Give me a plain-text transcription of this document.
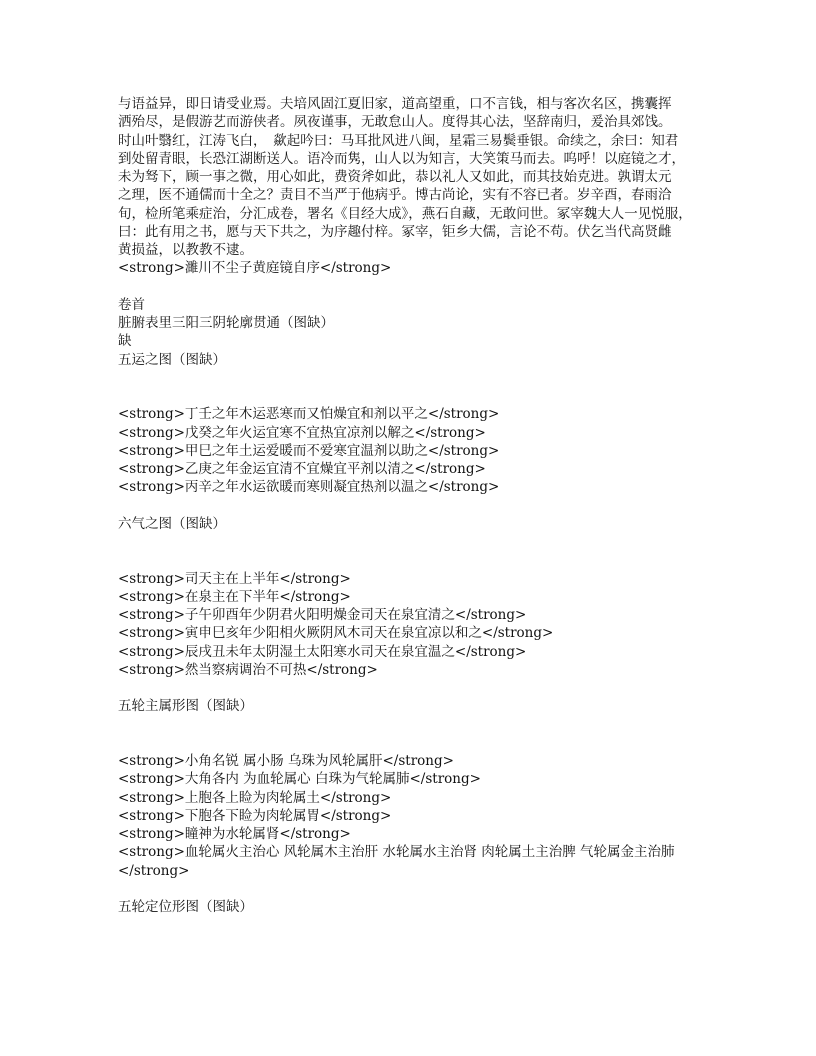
与语益异，即日请受业焉。夫培风固江夏旧家，道高望重，口不言钱，相与客次名区，携囊挥
洒殆尽，是假游艺而游侠者。夙夜谨事，无敢怠山人。度得其心法，坚辞南归，爰治具郊饯。
时山叶翳红，江涛飞白，　歘起吟曰：马耳批风进八闽，星霜三易鬓垂银。命续之，余曰：知君
到处留青眼，长恐江湖断送人。语冷而隽，山人以为知言，大笑策马而去。呜呼！以庭镜之才，
未为驽下，顾一事之微，用心如此，费资斧如此，恭以礼人又如此，而其技始克进。孰谓太元
之理，医不通儒而十全之？责目不当严于他病乎。博古尚论，实有不容已者。岁辛酉，春雨洽
旬，检所笔乘症治，分汇成卷，署名《目经大成》，燕石自藏，无敢问世。冢宰魏大人一见悦服，
曰：此有用之书，愿与天下共之，为序趣付梓。冢宰，钜乡大儒，言论不苟。伏乞当代高贤雌
黄损益，以教教不逮。
<strong>濉川不尘子黄庭镜自序</strong>
卷首
脏腑表里三阳三阴轮廓贯通（图缺）
缺
五运之图（图缺）
<strong>丁壬之年木运恶寒而又怕燥宜和剂以平之</strong>
<strong>戊癸之年火运宜寒不宜热宜凉剂以解之</strong>
<strong>甲巳之年土运爱暖而不爱寒宜温剂以助之</strong>
<strong>乙庚之年金运宜清不宜燥宜平剂以清之</strong>
<strong>丙辛之年水运欲暖而寒则凝宜热剂以温之</strong>
六气之图（图缺）
<strong>司天主在上半年</strong>
<strong>在泉主在下半年</strong>
<strong>子午卯酉年少阴君火阳明燥金司天在泉宜清之</strong>
<strong>寅申巳亥年少阳相火厥阴风木司天在泉宜凉以和之</strong>
<strong>辰戌丑未年太阴湿土太阳寒水司天在泉宜温之</strong>
<strong>然当察病调治不可热</strong>
五轮主属形图（图缺）
<strong>小角名锐 属小肠 乌珠为风轮属肝</strong>
<strong>大角各内 为血轮属心 白珠为气轮属肺</strong>
<strong>上胞各上睑为肉轮属土</strong>
<strong>下胞各下睑为肉轮属胃</strong>
<strong>瞳神为水轮属肾</strong>
<strong>血轮属火主治心 风轮属木主治肝 水轮属水主治肾 肉轮属土主治脾 气轮属金主治肺
</strong>
五轮定位形图（图缺）
